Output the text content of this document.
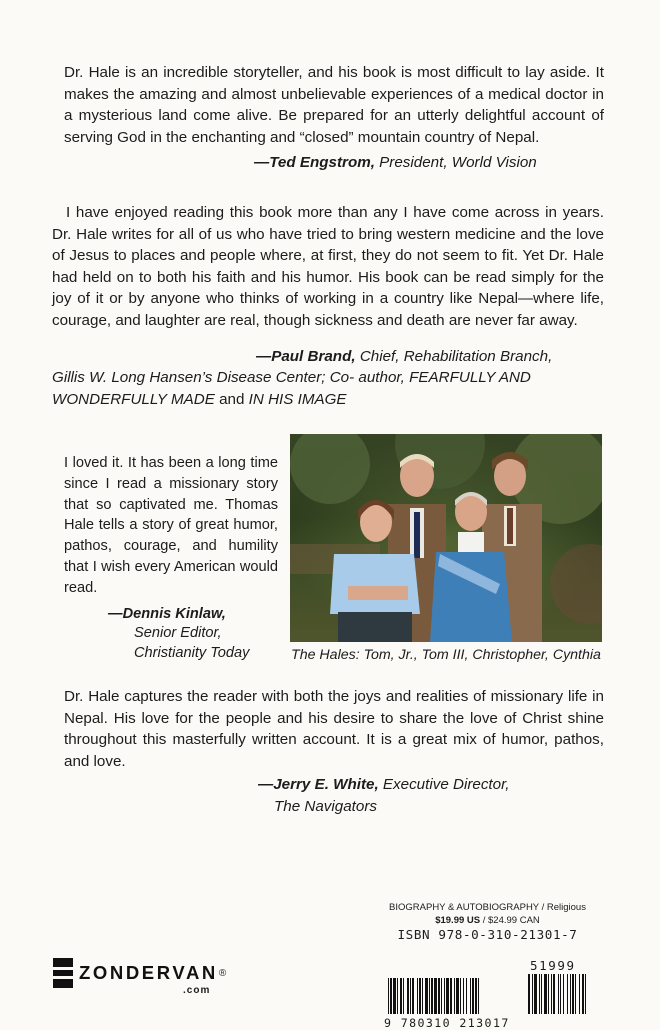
Dr. Hale is an incredible storyteller, and his book is most difficult to lay aside. It makes the amazing and almost unbelievable experiences of a medical doctor in a mysterious land come alive. Be prepared for an utterly delightful account of serving God in the enchanting and “closed” mountain country of Nepal.

—Ted Engstrom, President, World Vision

I have enjoyed reading this book more than any I have come across in years. Dr. Hale writes for all of us who have tried to bring western medicine and the love of Jesus to places and people where, at first, they do not seem to fit. Yet Dr. Hale had held on to both his faith and his humor. His book can be read simply for the joy of it or by anyone who thinks of working in a country like Nepal—where life, courage, and laughter are real, though sickness and death are never far away.

—Paul Brand, Chief, Rehabilitation Branch,
Gillis W. Long Hansen’s Disease Center; Co- author, FEARFULLY AND WONDERFULLY MADE and IN HIS IMAGE

I loved it. It has been a long time since I read a missionary story that so captivated me. Thomas Hale tells a story of great humor, pathos, courage, and humility that I wish every American would read.

—Dennis Kinlaw,
Senior Editor,
Christianity Today	The Hales: Tom, Jr., Tom III, Christopher, Cynthia

Dr. Hale captures the reader with both the joys and realities of missionary life in Nepal. His love for the people and his desire to share the love of Christ shine throughout this masterfully written account. It is a great mix of humor, pathos, and love.

—Jerry E. White, Executive Director,
The Navigators

ZONDERVAN ®
.com
BIOGRAPHY & AUTOBIOGRAPHY / Religious
$19.99 US / $24.99 CAN
ISBN 978-0-310-21301-7
9 780310 213017
51999
